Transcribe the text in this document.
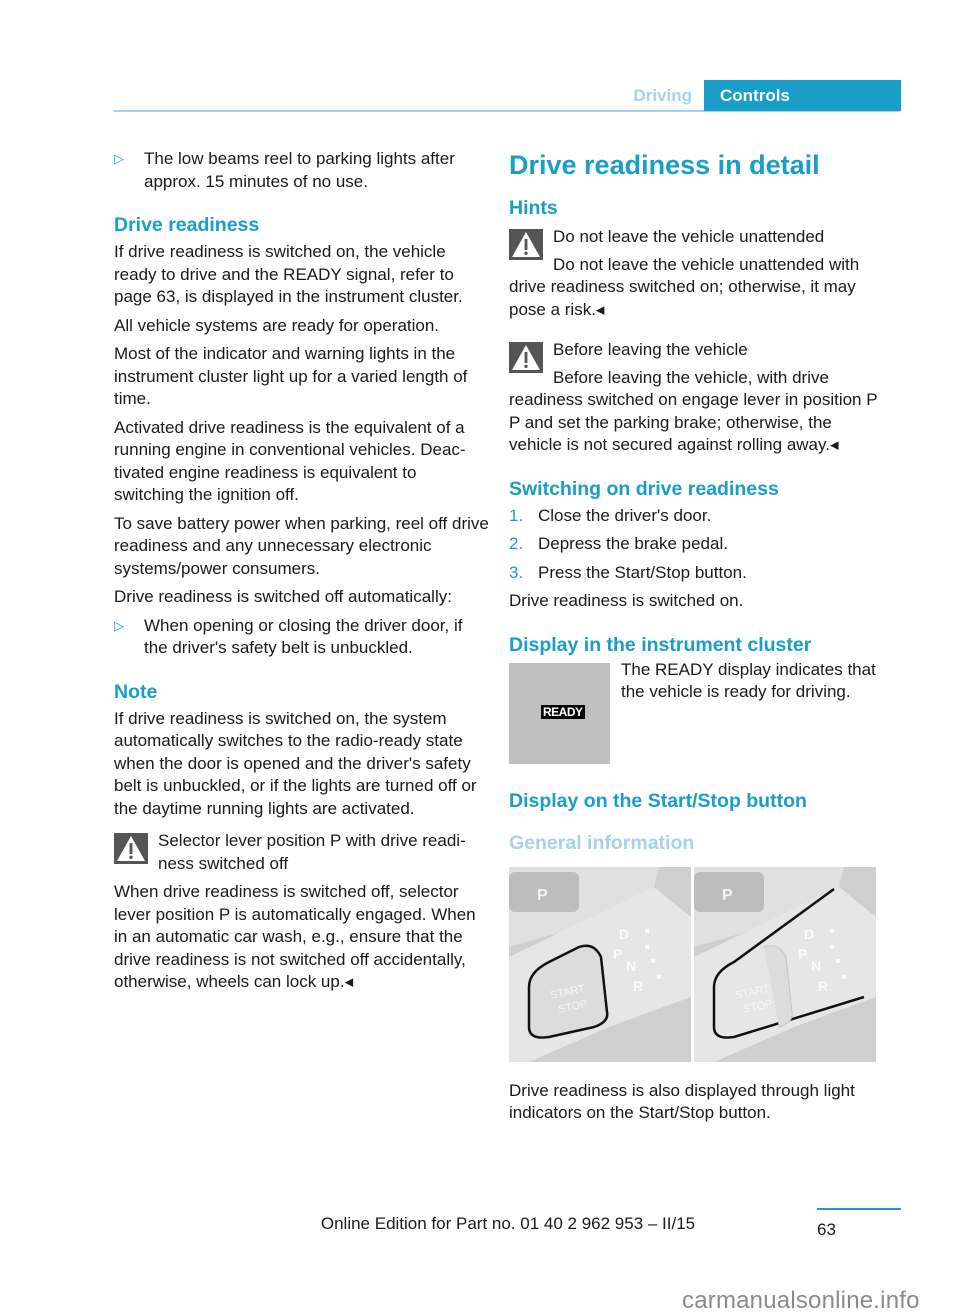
Driving	Controls
▷ The low beams reel to parking lights after approx. 15 minutes of no use.
Drive readiness

If drive readiness is switched on, the vehicle ready to drive and the READY signal, refer to page 63, is displayed in the instrument cluster.

All vehicle systems are ready for operation.

Most of the indicator and warning lights in the instrument cluster light up for a varied length of time.

Activated drive readiness is the equivalent of a running engine in conventional vehicles. Deactivated engine readiness is equivalent to switching the ignition off.

To save battery power when parking, reel off drive readiness and any unnecessary electronic systems/power consumers.

Drive readiness is switched off automatically:

▷ When opening or closing the driver door, if the driver's safety belt is unbuckled.
Note

If drive readiness is switched on, the system automatically switches to the radio-ready state when the door is opened and the driver's safety belt is unbuckled, or if the lights are turned off or the daytime running lights are activated.

Selector lever position P with drive readiness switched off
When drive readiness is switched off, selector lever position P is automatically engaged. When in an automatic car wash, e.g., ensure that the drive readiness is not switched off accidentally, otherwise, wheels can lock up.◂
Drive readiness in detail
Hints
Do not leave the vehicle unattended
Do not leave the vehicle unattended with drive readiness switched on; otherwise, it may pose a risk.◂
Before leaving the vehicle
Before leaving the vehicle, with drive readiness switched on engage lever in position P P and set the parking brake; otherwise, the vehicle is not secured against rolling away.◂
Switching on drive readiness
1. Close the driver's door.
2. Depress the brake pedal.
3. Press the Start/Stop button.

Drive readiness is switched on.

Display in the instrument cluster
READY
The READY display indicates that the vehicle is ready for driving.
Display on the Start/Stop button
General information
P
START
STOP
D
P
N
R
P
START
STOP
D
P
N
R

Drive readiness is also displayed through light indicators on the Start/Stop button.

Online Edition for Part no. 01 40 2 962 953 – II/15	63
carmanualsonline.info
